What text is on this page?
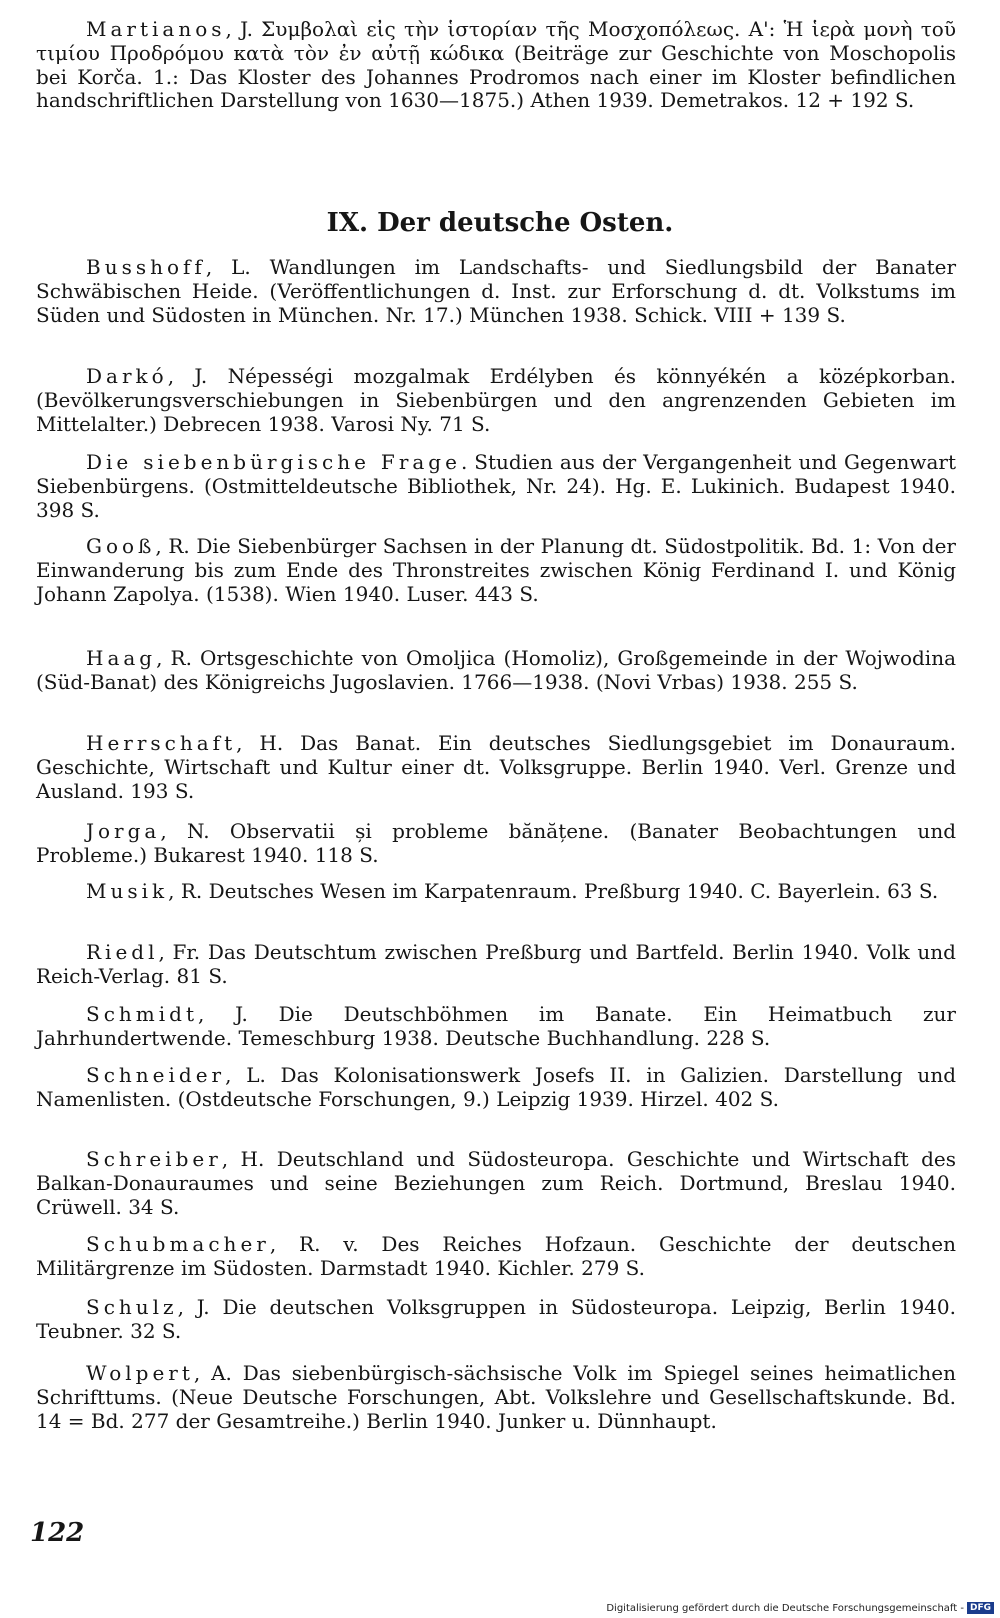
Martianos, J. Συμβολαὶ εἰς τὴν ἱστορίαν τῆς Μοσχοπόλεως. Α': Ἡ ἱερὰ μονὴ τοῦ τιμίου Προδρόμου κατὰ τὸν ἐν αὐτῇ κώδικα (Beiträge zur Geschichte von Moschopolis bei Korča. 1.: Das Kloster des Johannes Prodromos nach einer im Kloster befindlichen handschriftlichen Darstellung von 1630—1875.) Athen 1939. Demetrakos. 12 + 192 S.

IX. Der deutsche Osten.

Busshoff, L. Wandlungen im Landschafts- und Siedlungsbild der Banater Schwäbischen Heide. (Veröffentlichungen d. Inst. zur Erforschung d. dt. Volkstums im Süden und Südosten in München. Nr. 17.) München 1938. Schick. VIII + 139 S.

Darkó, J. Népességi mozgalmak Erdélyben és könnyékén a középkorban. (Bevölkerungsverschiebungen in Siebenbürgen und den angrenzenden Gebieten im Mittelalter.) Debrecen 1938. Varosi Ny. 71 S.

Die siebenbürgische Frage. Studien aus der Vergangenheit und Gegenwart Siebenbürgens. (Ostmitteldeutsche Bibliothek, Nr. 24). Hg. E. Lukinich. Budapest 1940. 398 S.

Gooß, R. Die Siebenbürger Sachsen in der Planung dt. Südostpolitik. Bd. 1: Von der Einwanderung bis zum Ende des Thronstreites zwischen König Ferdinand I. und König Johann Zapolya. (1538). Wien 1940. Luser. 443 S.

Haag, R. Ortsgeschichte von Omoljica (Homoliz), Großgemeinde in der Wojwodina (Süd-Banat) des Königreichs Jugoslavien. 1766—1938. (Novi Vrbas) 1938. 255 S.

Herrschaft, H. Das Banat. Ein deutsches Siedlungsgebiet im Donauraum. Geschichte, Wirtschaft und Kultur einer dt. Volksgruppe. Berlin 1940. Verl. Grenze und Ausland. 193 S.

Jorga, N. Observatii și probleme bănățene. (Banater Beobachtungen und Probleme.) Bukarest 1940. 118 S.

Musik, R. Deutsches Wesen im Karpatenraum. Preßburg 1940. C. Bayerlein. 63 S.

Riedl, Fr. Das Deutschtum zwischen Preßburg und Bartfeld. Berlin 1940. Volk und Reich-Verlag. 81 S.

Schmidt, J. Die Deutschböhmen im Banate. Ein Heimatbuch zur Jahrhundertwende. Temeschburg 1938. Deutsche Buchhandlung. 228 S.

Schneider, L. Das Kolonisationswerk Josefs II. in Galizien. Darstellung und Namenlisten. (Ostdeutsche Forschungen, 9.) Leipzig 1939. Hirzel. 402 S.

Schreiber, H. Deutschland und Südosteuropa. Geschichte und Wirtschaft des Balkan-Donauraumes und seine Beziehungen zum Reich. Dortmund, Breslau 1940. Crüwell. 34 S.

Schubmacher, R. v. Des Reiches Hofzaun. Geschichte der deutschen Militärgrenze im Südosten. Darmstadt 1940. Kichler. 279 S.

Schulz, J. Die deutschen Volksgruppen in Südosteuropa. Leipzig, Berlin 1940. Teubner. 32 S.

Wolpert, A. Das siebenbürgisch-sächsische Volk im Spiegel seines heimatlichen Schrifttums. (Neue Deutsche Forschungen, Abt. Volkslehre und Gesellschaftskunde. Bd. 14 = Bd. 277 der Gesamtreihe.) Berlin 1940. Junker u. Dünnhaupt.

122
Digitalisierung gefördert durch die Deutsche Forschungsgemeinschaft - DFG
